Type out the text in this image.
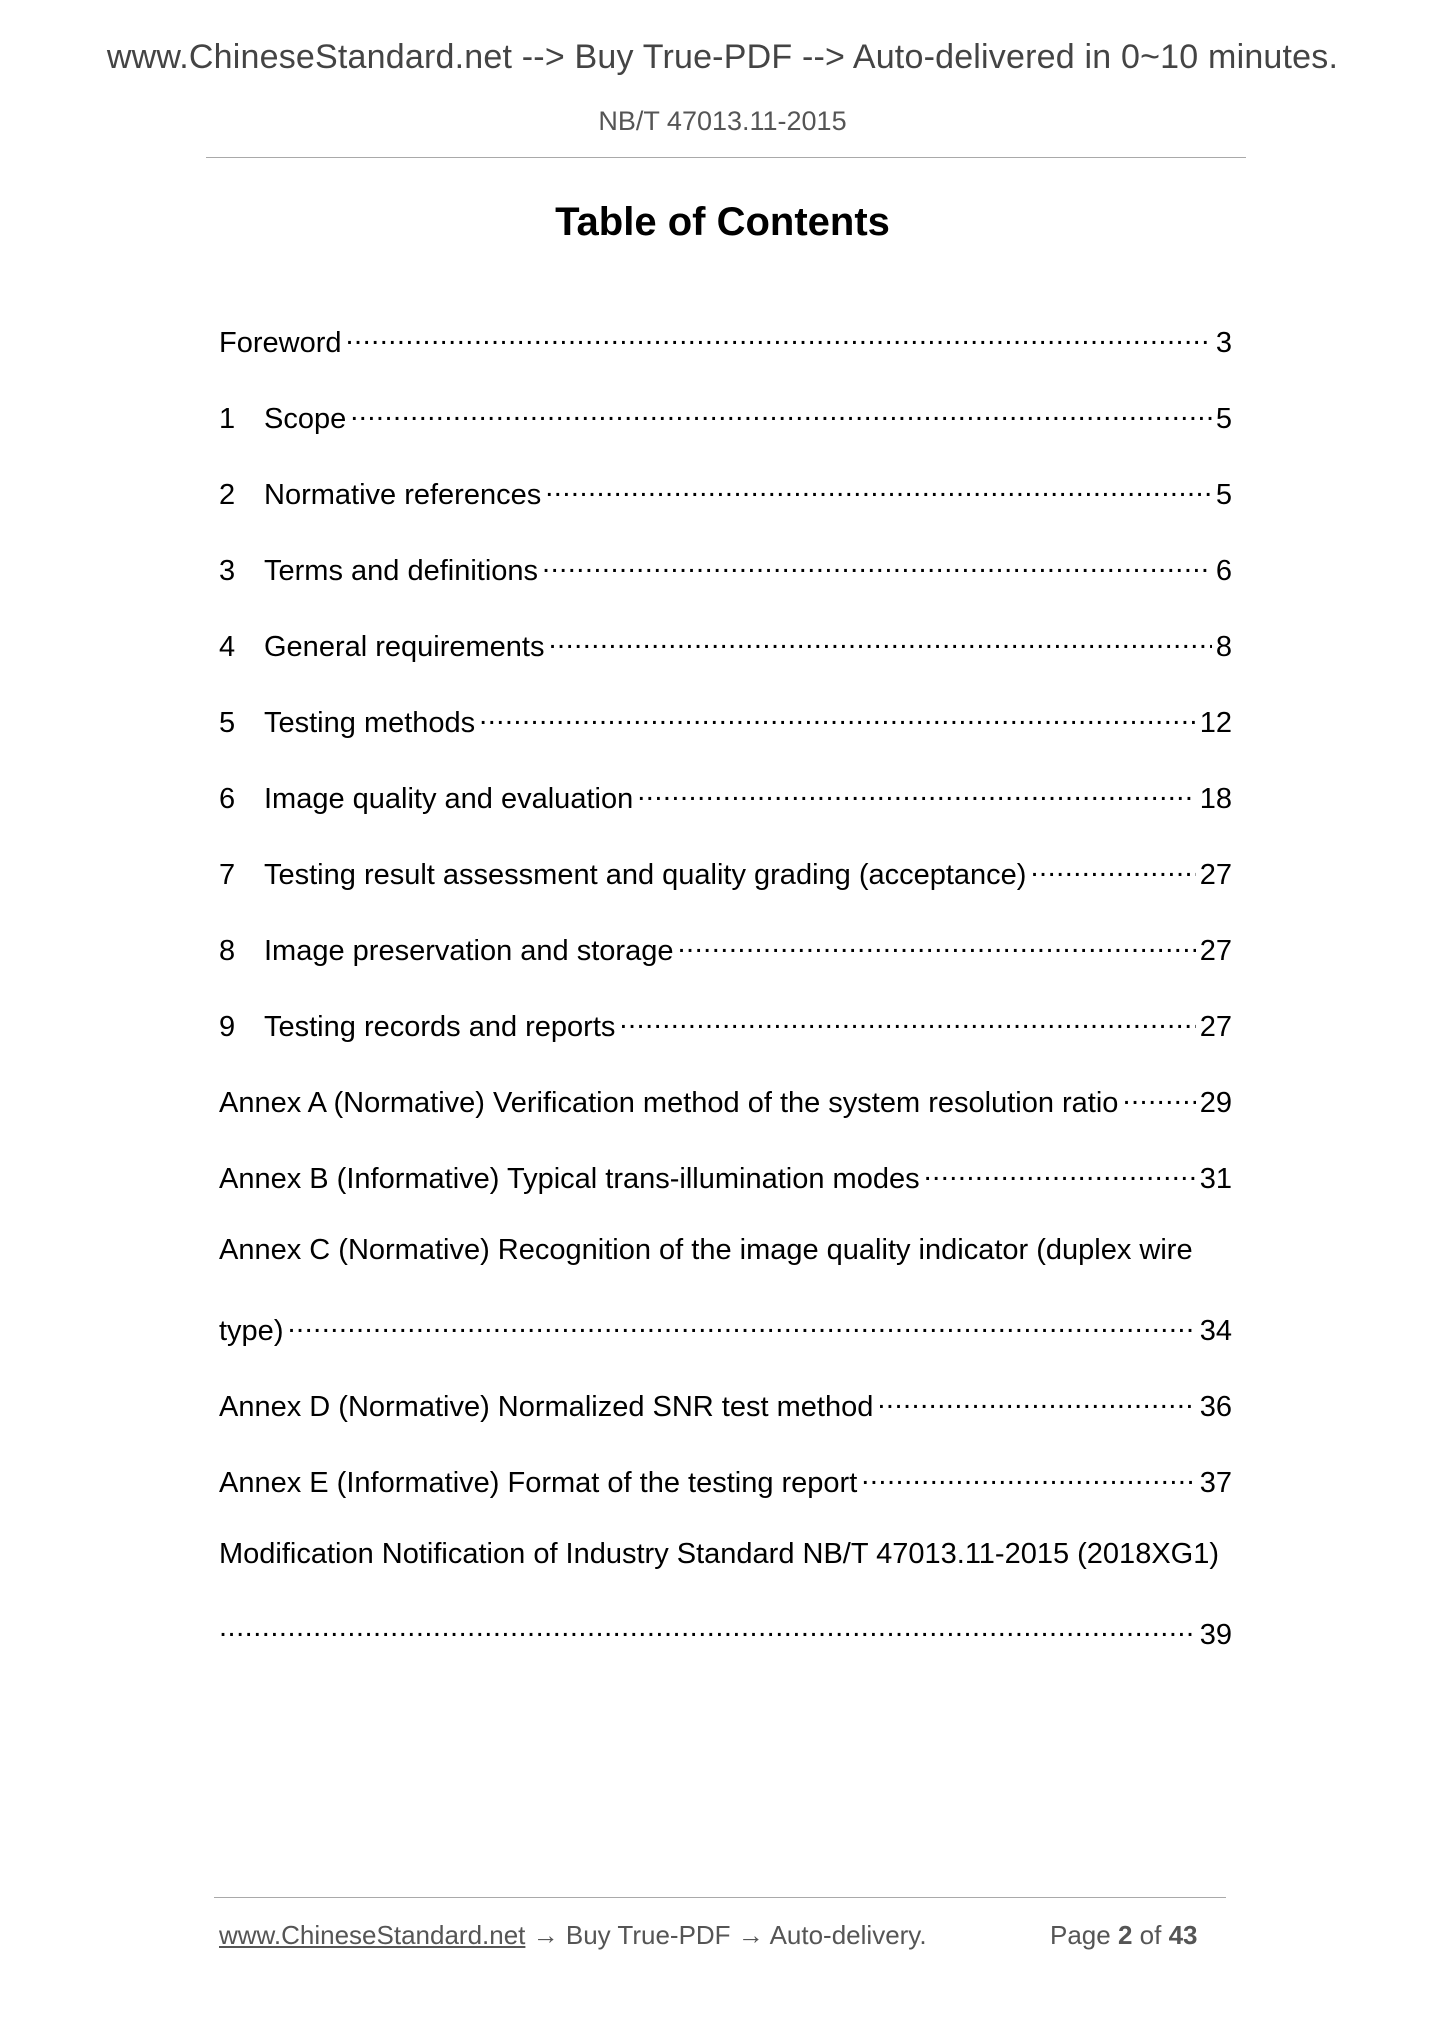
www.ChineseStandard.net --> Buy True-PDF --> Auto-delivered in 0~10 minutes.
NB/T 47013.11-2015
Table of Contents
Foreword .....	3
1 Scope .....	5
2 Normative references .....	5
3 Terms and definitions .....	6
4 General requirements .....	8
5 Testing methods .....	12
6 Image quality and evaluation .....	18
7 Testing result assessment and quality grading (acceptance) .....	27
8 Image preservation and storage .....	27
9 Testing records and reports .....	27
Annex A (Normative) Verification method of the system resolution ratio .....	29
Annex B (Informative) Typical trans-illumination modes .....	31
Annex C (Normative) Recognition of the image quality indicator (duplex wire
type) .....	34
Annex D (Normative) Normalized SNR test method .....	36
Annex E (Informative) Format of the testing report .....	37
Modification Notification of Industry Standard NB/T 47013.11-2015 (2018XG1)
.....
39
www.ChineseStandard.net → Buy True-PDF → Auto-delivery.	Page 2 of 43
